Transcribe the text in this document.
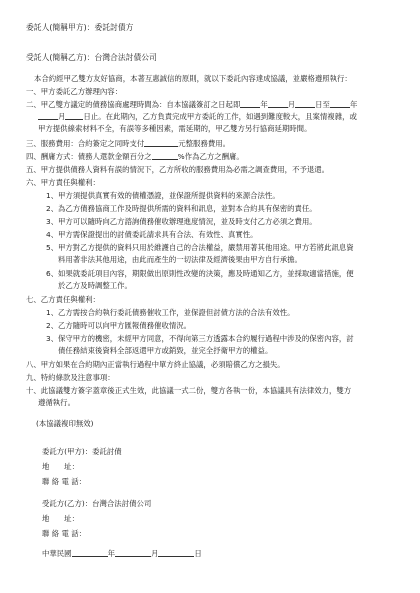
委託人(簡稱甲方)：委託討債方
受託人(簡稱乙方)：台灣合法討債公司
本合約經甲乙雙方友好協商，本著互惠誠信的原則，就以下委託內容達成協議，並嚴格遵照執行：
一、甲方委託乙方辦理內容：
二、甲乙雙方議定的債務協商處理時間為：自本協議簽訂之日起即	年	月	日至	年
月 日止。在此期內，乙方負責完成甲方委託的工作，如遇到難度較大，且案情複雜，或
甲方提供線索材料不全，有誤等多種因素，需延期的，甲乙雙方另行協商延期時間。
三、服務費用：合約簽定之同時支付	元整服務費用。
四、酬庸方式：債務人還款金額百分之	%作為乙方之酬庸。
五、甲方提供債務人資料有誤的情況下，乙方所收的服務費用為必需之調查費用，不予退還。
六、甲方責任與權利：
1、甲方須提供真實有效的債權憑證，並保證所提供資料的來源合法性。
2、為乙方債務協商工作及時提供所需的資料和訊息，並對本合約具有保密的責任。
3、甲方可以隨時向乙方諮詢債務催收辦理進度情況，並及時支付乙方必須之費用。
4、甲方需保證提出的討債委託請求具有合法、有效性、真實性。
5、甲方對乙方提供的資料只用於維護自己的合法權益，嚴禁用著其他用途。甲方若將此訊息資
料用著非法其他用途，由此而產生的一切法律及經濟後果由甲方自行承擔。
6、如果就委託項目內容，期限做出原則性改變的決策，應及時通知乙方，並採取適當措施，便
於乙方及時調整工作。
七、乙方責任與權利：
1、乙方需按合約執行委託債務催收工作，並保證但討債方法的合法有效性。
2、乙方隨時可以向甲方匯報債務催收情況。
3、保守甲方的機密，未經甲方同意，不得向第三方透露本合約履行過程中涉及的保密內容，討
債任務結束後資料全部返還甲方或銷毀，並完全抒衛甲方的權益。
八、甲方如果在合約期內正當執行過程中單方終止協議，必須賠償乙方之損失。
九、特約條款及注意事項：
十、此協議雙方簽字蓋章後正式生效，此協議一式二份，雙方各執一份，本協議具有法律效力，雙方
遵循執行。
(本協議複印無效)
委託方(甲方)：委託討債
地　　址：
聯 絡 電 話：
受託方(乙方)：台灣合法討債公司
地　　址：
聯 絡 電 話：
中華民國	年	月	日
